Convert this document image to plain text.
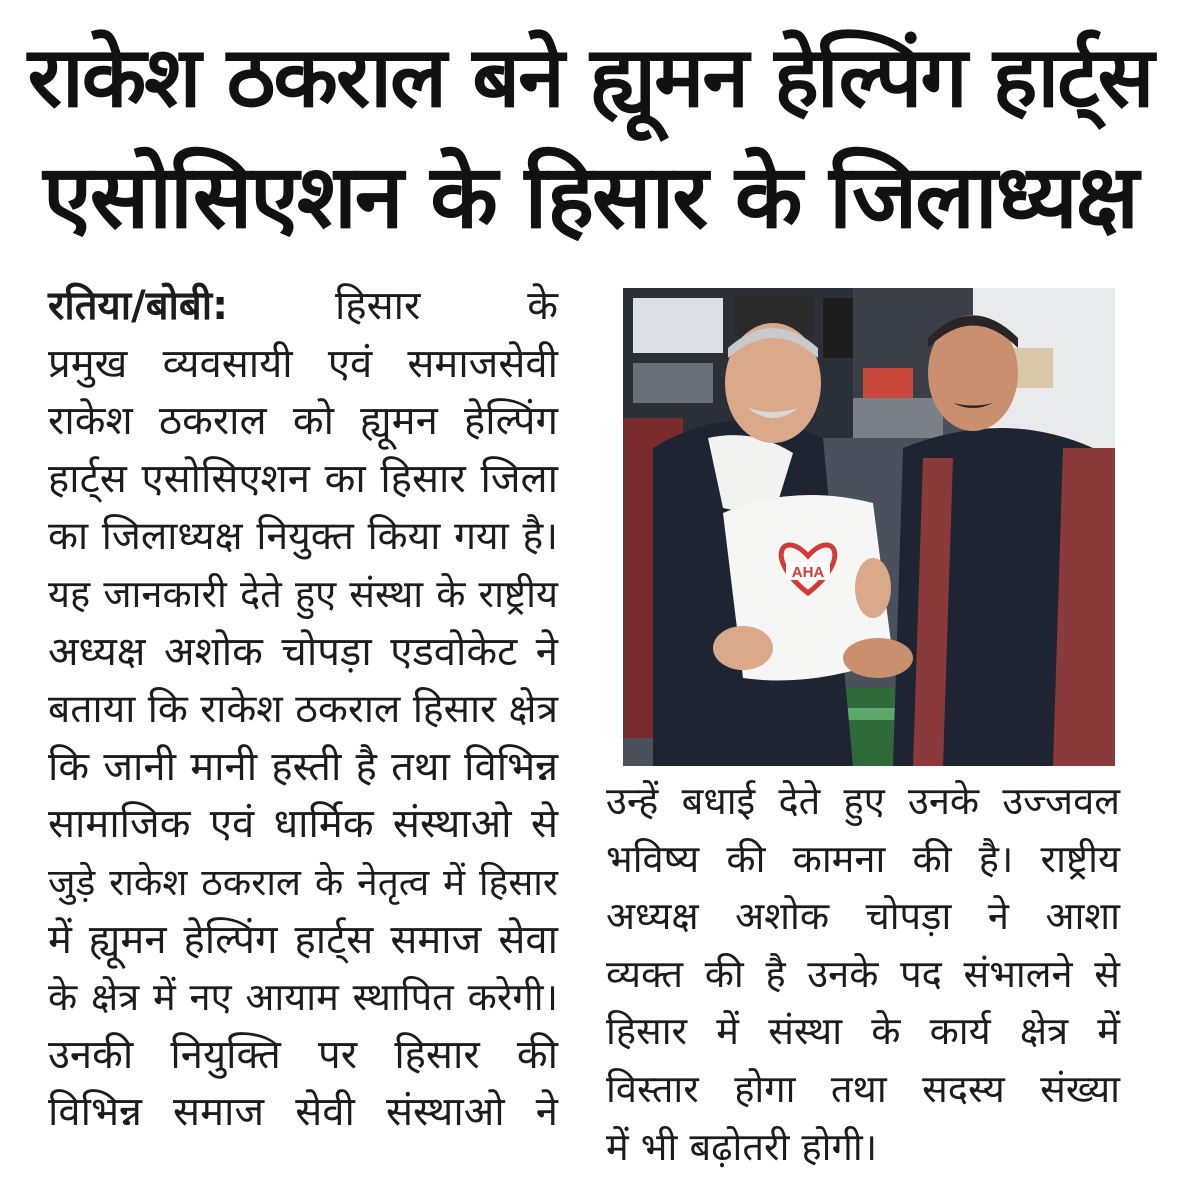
राकेश ठकराल बने ह्यूमन हेल्पिंग हार्ट्स
एसोसिएशन के हिसार के जिलाध्यक्ष
रतिया/बोबी:	हिसार के
प्रमुख व्यवसायी एवं समाजसेवी
राकेश ठकराल को ह्यूमन हेल्पिंग
हार्ट्स एसोसिएशन का हिसार जिला
का जिलाध्यक्ष नियुक्त किया गया है।
यह जानकारी देते हुए संस्था के राष्ट्रीय
अध्यक्ष अशोक चोपड़ा एडवोकेट ने
बताया कि राकेश ठकराल हिसार क्षेत्र
कि जानी मानी हस्ती है तथा विभिन्न
सामाजिक एवं धार्मिक संस्थाओ से
जुड़े राकेश ठकराल के नेतृत्व में हिसार
में ह्यूमन हेल्पिंग हार्ट्स समाज सेवा
के क्षेत्र में नए आयाम स्थापित करेगी।
उनकी नियुक्ति पर हिसार की
विभिन्न समाज सेवी संस्थाओ ने
AHA
उन्हें बधाई देते हुए उनके उज्जवल
भविष्य की कामना की है। राष्ट्रीय
अध्यक्ष अशोक चोपड़ा ने आशा
व्यक्त की है उनके पद संभालने से
हिसार में संस्था के कार्य क्षेत्र में
विस्तार होगा तथा सदस्य संख्या
में भी बढ़ोतरी होगी।
